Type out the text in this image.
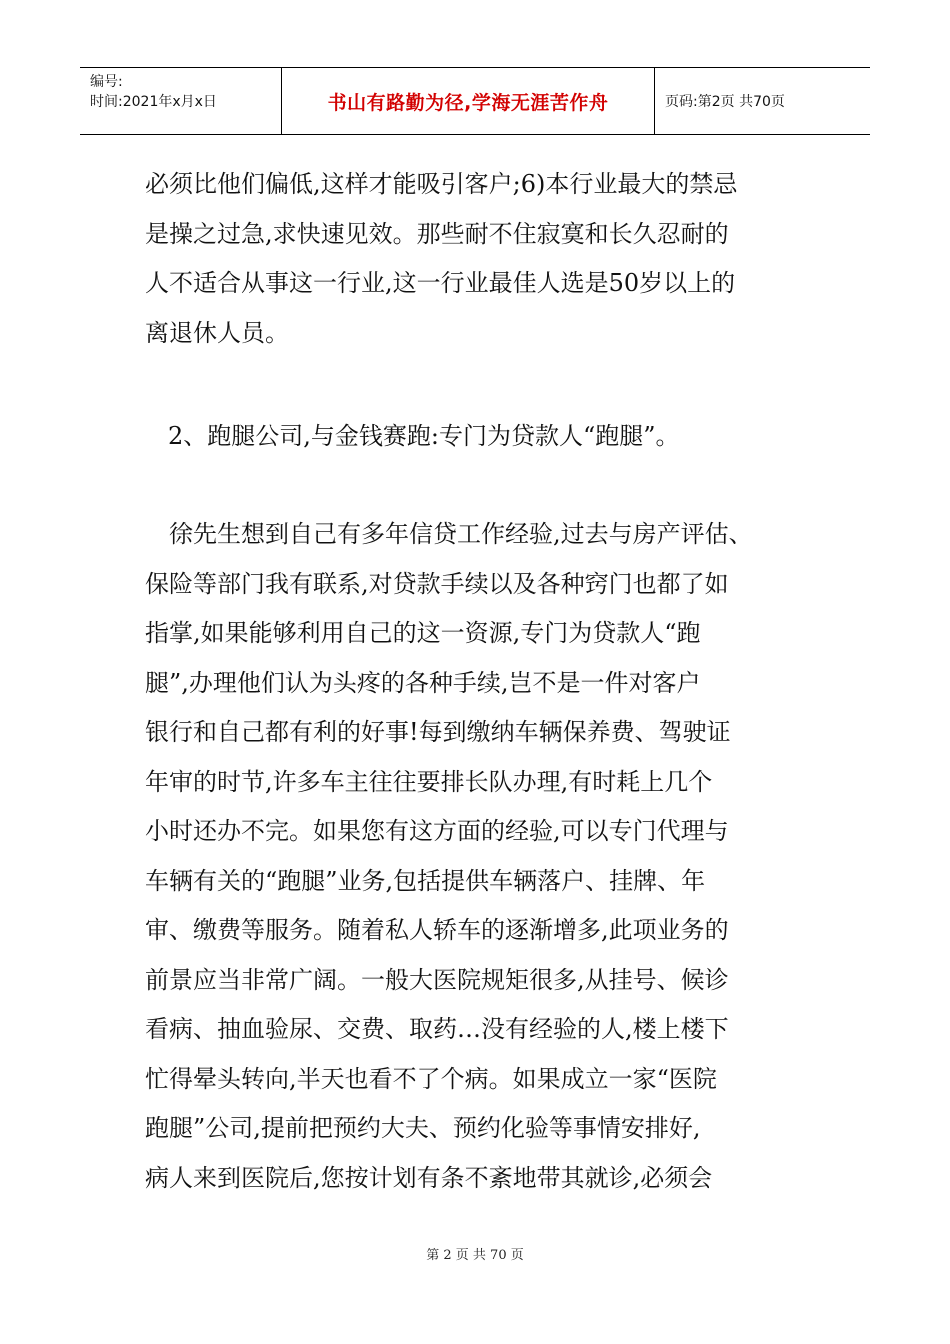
编号:
时间:2021年x月x日	书山有路勤为径,学海无涯苦作舟	页码:第2页 共70页

必须比他们偏低,这样才能吸引客户;6)本行业最大的禁忌
是操之过急,求快速见效。那些耐不住寂寞和长久忍耐的
人不适合从事这一行业,这一行业最佳人选是50岁以上的
离退休人员。

2、跑腿公司,与金钱赛跑:专门为贷款人“跑腿”。
　徐先生想到自己有多年信贷工作经验,过去与房产评估、
保险等部门我有联系,对贷款手续以及各种窍门也都了如
指掌,如果能够利用自己的这一资源,专门为贷款人“跑
腿”,办理他们认为头疼的各种手续,岂不是一件对客户
银行和自己都有利的好事!每到缴纳车辆保养费、驾驶证
年审的时节,许多车主往往要排长队办理,有时耗上几个
小时还办不完。如果您有这方面的经验,可以专门代理与
车辆有关的“跑腿”业务,包括提供车辆落户、挂牌、年
审、缴费等服务。随着私人轿车的逐渐增多,此项业务的
前景应当非常广阔。一般大医院规矩很多,从挂号、候诊
看病、抽血验尿、交费、取药…没有经验的人,楼上楼下
忙得晕头转向,半天也看不了个病。如果成立一家“医院
跑腿”公司,提前把预约大夫、预约化验等事情安排好,
病人来到医院后,您按计划有条不紊地带其就诊,必须会
第 2 页 共 70 页
